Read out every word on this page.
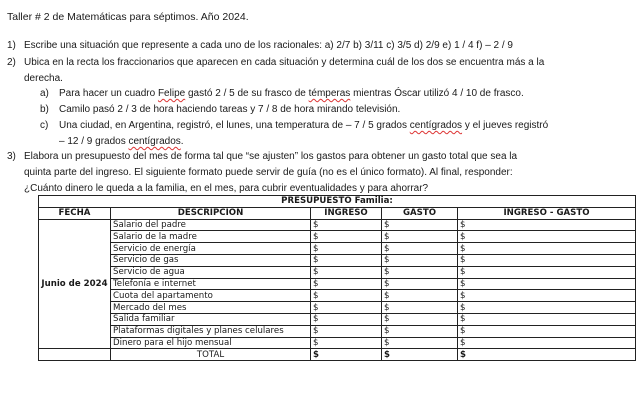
Taller # 2 de Matemáticas para séptimos. Año 2024.
1) Escribe una situación que represente a cada uno de los racionales: a) 2/7 b) 3/11 c) 3/5 d) 2/9 e) 1 / 4 f) – 2 / 9
2) Ubica en la recta los fraccionarios que aparecen en cada situación y determina cuál de los dos se encuentra más a la
derecha.
a) Para hacer un cuadro Felipe gastó 2 / 5 de su frasco de témperas mientras Óscar utilizó 4 / 10 de frasco.
b) Camilo pasó 2 / 3 de hora haciendo tareas y 7 / 8 de hora mirando televisión.
c) Una ciudad, en Argentina, registró, el lunes, una temperatura de – 7 / 5 grados centígrados y el jueves registró
– 12 / 9 grados centígrados.
3) Elabora un presupuesto del mes de forma tal que “se ajusten” los gastos para obtener un gasto total que sea la
quinta parte del ingreso. El siguiente formato puede servir de guía (no es el único formato). Al final, responder:
¿Cuánto dinero le queda a la familia, en el mes, para cubrir eventualidades y para ahorrar?
PRESUPUESTO Familia:				
FECHA	DESCRIPCIÓN	INGRESO	GASTO	INGRESO - GASTO
Junio de 2024	Salario del padre	$	$	$
	Salario de la madre	$	$	$
	Servicio de energía	$	$	$
	Servicio de gas	$	$	$
	Servicio de agua	$	$	$
	Telefonía e internet	$	$	$
	Cuota del apartamento	$	$	$
	Mercado del mes	$	$	$
	Salida familiar	$	$	$
	Plataformas digitales y planes celulares	$	$	$
	Dinero para el hijo mensual	$	$	$
	TOTAL	$	$	$
